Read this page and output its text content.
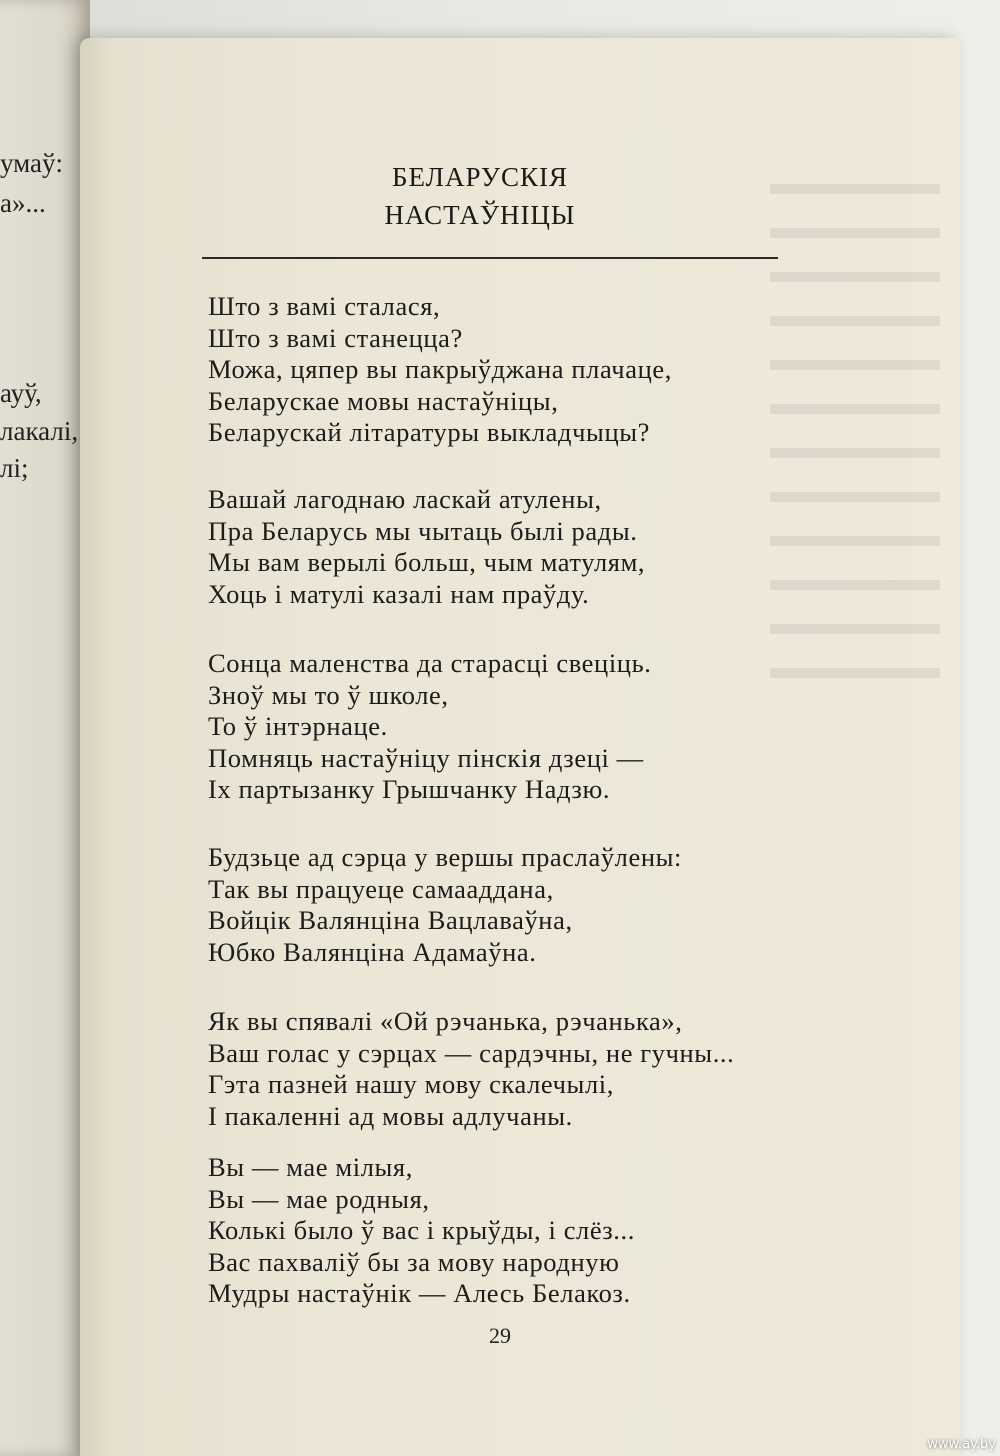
умаў:
а»...
ауў,
лакалі,
лі;
БЕЛАРУСКІЯ
НАСТАЎНІЦЫ
Што з вамі сталася,
Што з вамі станецца?
Можа, цяпер вы пакрыўджана плачаце,
Беларускае мовы настаўніцы,
Беларускай літаратуры выкладчыцы?
Вашай лагоднаю ласкай атулены,
Пра Беларусь мы чытаць былі рады.
Мы вам верылі больш, чым матулям,
Хоць і матулі казалі нам праўду.
Сонца маленства да старасці свеціць.
Зноў мы то ў школе,
То ў інтэрнаце.
Помняць настаўніцу пінскія дзеці —
Іх партызанку Грышчанку Надзю.
Будзьце ад сэрца у вершы праслаўлены:
Так вы працуеце самааддана,
Войцік Валянціна Вацлаваўна,
Юбко Валянціна Адамаўна.
Як вы спявалі «Ой рэчанька, рэчанька»,
Ваш голас у сэрцах — сардэчны, не гучны...
Гэта пазней нашу мову скалечылі,
І пакаленні ад мовы адлучаны.
Вы — мае мілыя,
Вы — мае родныя,
Колькі было ў вас і крыўды, і слёз...
Вас пахваліў бы за мову народную
Мудры настаўнік — Алесь Белакоз.
29
www.ay.by
